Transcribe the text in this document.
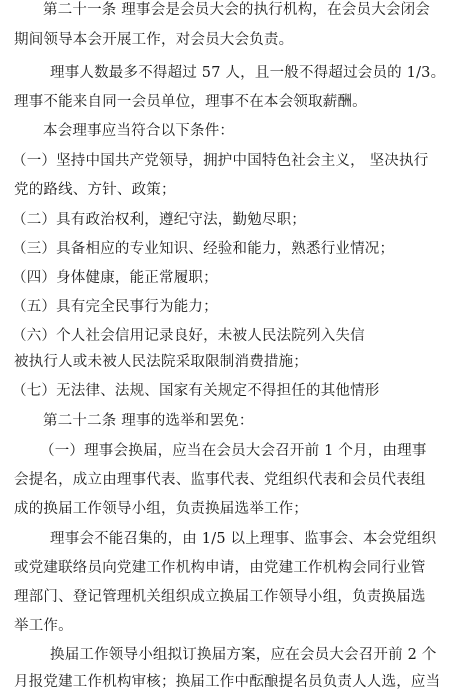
第二十一条 理事会是会员大会的执行机构，在会员大会闭会
期间领导本会开展工作，对会员大会负责。
理事人数最多不得超过 57 人，且一般不得超过会员的 1/3。
理事不能来自同一会员单位，理事不在本会领取薪酬。
本会理事应当符合以下条件：
（一）坚持中国共产党领导，拥护中国特色社会主义， 坚决执行
党的路线、方针、政策；
（二）具有政治权利，遵纪守法，勤勉尽职；
（三）具备相应的专业知识、经验和能力，熟悉行业情况；
（四）身体健康，能正常履职；
（五）具有完全民事行为能力；
（六）个人社会信用记录良好，未被人民法院列入失信
被执行人或未被人民法院采取限制消费措施；
（七）无法律、法规、国家有关规定不得担任的其他情形
第二十二条 理事的选举和罢免：
（一）理事会换届，应当在会员大会召开前 1 个月，由理事
会提名，成立由理事代表、监事代表、党组织代表和会员代表组
成的换届工作领导小组，负责换届选举工作；
理事会不能召集的，由 1/5 以上理事、监事会、本会党组织
或党建联络员向党建工作机构申请，由党建工作机构会同行业管
理部门、登记管理机关组织成立换届工作领导小组，负责换届选
举工作。
换届工作领导小组拟订换届方案，应在会员大会召开前 2 个
月报党建工作机构审核；换届工作中酝酿提名员负责人人选，应当
